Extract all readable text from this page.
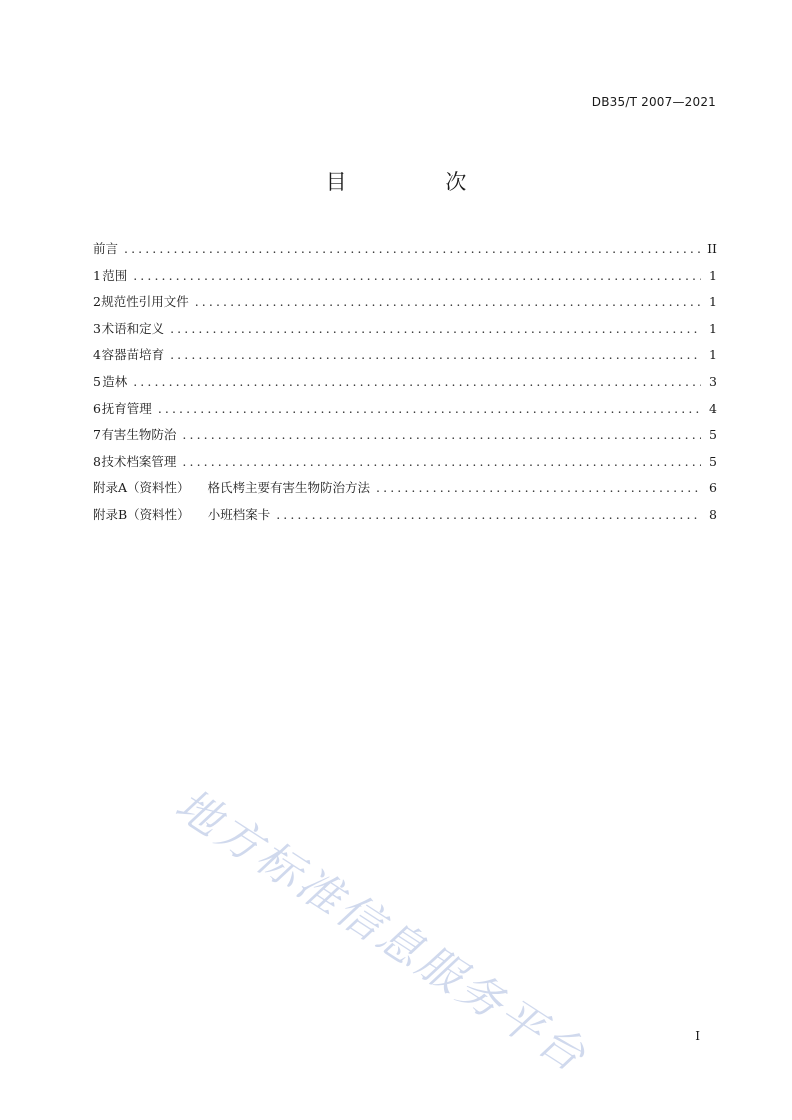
DB35/T 2007—2021
目 次
前言 .....	II
1 范围 .....	1
2 规范性引用文件 .....	1
3 术语和定义 .....	1
4 容器苗培育 .....	1
5 造林 .....	3
6 抚育管理 .....	4
7 有害生物防治 .....	5
8 技术档案管理 .....	5
附录A（资料性） 格氏栲主要有害生物防治方法 .....	6
附录B（资料性） 小班档案卡 .....	8
地方标准信息服务平台	I
